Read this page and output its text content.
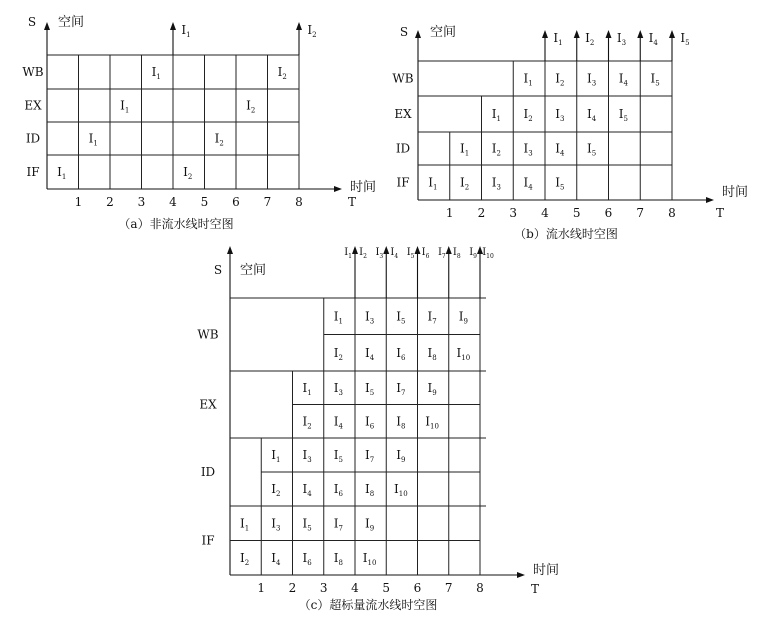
S 空间
时间
T
1 2 3 4 5 6 7 8
IF
ID
EX
WB
$I_1$	$I_2$
$I_1$
$I_1$
$I_1$
$I_1$
$I_2$
$I_2$
$I_2$
$I_2$
（a）非流水线时空图
S 空间
时间
T
1 2 3 4 5 6 7 8
IF
ID
EX
WB
$I_1$ $I_2$ $I_3$ $I_4$ $I_5$
$I_1$ $I_2$ $I_3$ $I_4$ $I_5$
$I_1$ $I_2$ $I_3$ $I_4$ $I_5$
$I_1$ $I_2$ $I_3$ $I_4$ $I_5$
$I_1$ $I_2$ $I_3$ $I_4$ $I_5$
（b）流水线时空图
S 空间
时间
T
1 2 3 4 5 6 7 8
IF
ID
EX
WB
$I_1$ $I_2$ $I_3$ $I_4$ $I_5$ $I_6$ $I_7$ $I_8$ $I_9$ $I_{10}$
$I_1$
$I_2$
$I_3$
$I_4$
$I_5$
$I_6$
$I_7$
$I_8$
$I_9$
$I_{10}$
$I_1$
$I_2$
$I_3$
$I_4$
$I_5$
$I_6$
$I_7$
$I_8$
$I_9$
$I_{10}$
$I_1$
$I_2$
$I_3$
$I_4$
$I_5$
$I_6$
$I_7$
$I_8$
$I_9$
$I_{10}$
$I_1$
$I_2$
$I_3$
$I_4$
$I_5$
$I_6$
$I_7$
$I_8$
$I_9$
$I_{10}$
（c）超标量流水线时空图
